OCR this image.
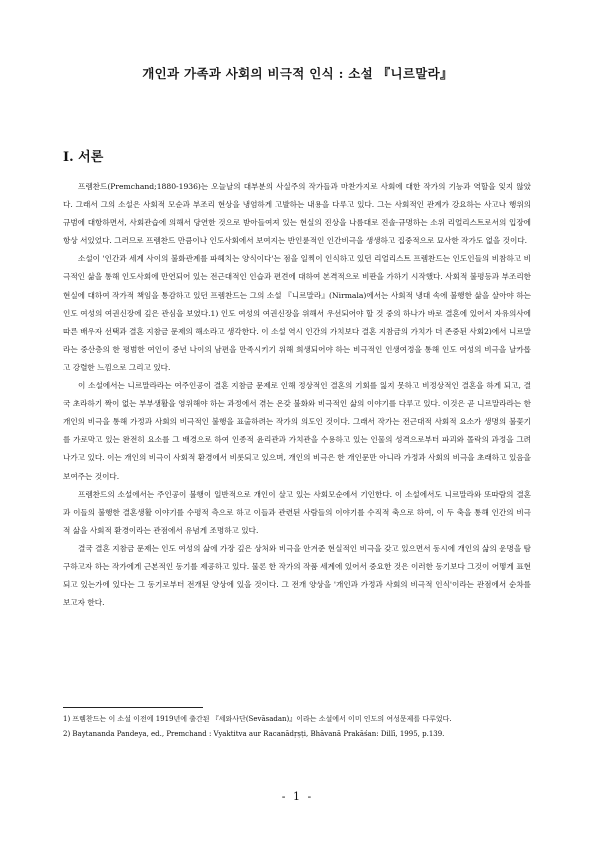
개인과 가족과 사회의 비극적 인식 : 소설 『니르말라』
Ⅰ. 서론

프렘찬드(Premchand;1880-1936)는 오늘날의 대부분의 사실주의 작가들과 마찬가지로 사회에 대한 작가의 기능과 역할을 잊지 않았다. 그래서 그의 소설은 사회적 모순과 부조리 현상을 냉엄하게 고발하는 내용을 다루고 있다. 그는 사회적인 관계가 강요하는 사고나 행위의 규범에 대항하면서, 사회관습에 의해서 당연한 것으로 받아들여져 있는 현실의 진상을 나름대로 진솔·규명하는 소위 리얼리스트로서의 입장에 항상 서있었다. 그러므로 프렘찬드 만큼이나 인도사회에서 보여지는 반인륜적인 인간비극을 생생하고 집중적으로 묘사한 작가도 없을 것이다.

소설이 '인간과 세계 사이의 불화관계를 파헤치는 양식이다'는 점을 일찍이 인식하고 있던 리얼리스트 프렘찬드는 인도인들의 비참하고 비극적인 삶을 통해 인도사회에 만연되어 있는 전근대적인 인습과 편견에 대하여 본격적으로 비판을 가하기 시작했다. 사회적 불평등과 부조리한 현실에 대하여 작가적 책임을 통감하고 있던 프렘찬드는 그의 소설 『니르말라』(Nirmala)에서는 사회적 냉대 속에 불행한 삶을 살아야 하는 인도 여성의 여권신장에 깊은 관심을 보였다.1) 인도 여성의 여권신장을 위해서 우선되어야 할 것 중의 하나가 바로 결혼에 있어서 자유의사에 따른 배우자 선택과 결혼 지참금 문제의 해소라고 생각한다. 이 소설 역시 인간의 가치보다 결혼 지참금의 가치가 더 존중된 사회2)에서 니르말라는 중산층의 한 평범한 여인이 중년 나이의 남편을 만족시키기 위해 희생되어야 하는 비극적인 인생여정을 통해 인도 여성의 비극을 날카롭고 강렬한 느낌으로 그리고 있다.

이 소설에서는 니르말라라는 여주인공이 결혼 지참금 문제로 인해 정상적인 결혼의 기회를 잃지 못하고 비정상적인 결혼을 하게 되고, 결국 초라하기 짝이 없는 부부생활을 영위해야 하는 과정에서 겪는 온갖 불화와 비극적인 삶의 이야기를 다루고 있다. 이것은 곧 니르말라라는 한 개인의 비극을 통해 가정과 사회의 비극적인 불행을 표출하려는 작가의 의도인 것이다. 그래서 작가는 전근대적 사회적 요소가 생명의 불꽃기를 가로막고 있는 완전히 요소를 그 배경으로 하여 인종적 윤리관과 가치관을 수용하고 있는 인물의 성격으로부터 파괴와 몰락의 과정을 그려나가고 있다. 이는 개인의 비극이 사회적 환경에서 비롯되고 있으며, 개인의 비극은 한 개인문만 아니라 가정과 사회의 비극을 초래하고 있음을 보여주는 것이다.

프렘찬드의 소설에서는 주인공이 불행이 일반적으로 개인이 살고 있는 사회모순에서 기인한다. 이 소설에서도 니르말라와 또따람의 결혼과 이들의 불행한 결혼생활 이야기를 수평적 측으로 하고 이들과 관련된 사람들의 이야기를 수직적 축으로 하여, 이 두 축을 통해 인간의 비극적 삶을 사회적 환경이라는 관점에서 유념게 조명하고 있다.

결국 결혼 지참금 문제는 인도 여성의 삶에 가장 깊은 상처와 비극을 안겨준 현실적인 비극을 갖고 있으면서 동시에 개인의 삶의 운명을 탐구하고자 하는 작가에게 근본적인 동기를 제공하고 있다. 물론 한 작가의 작품 세계에 있어서 중요한 것은 이러한 동기보다 그것이 어떻게 표현되고 있는가에 있다는 그 동기로부터 전개된 양상에 있을 것이다. 그 전개 양상을 '개인과 가정과 사회의 비극적 인식'이라는 관점에서 순차를 보고자 한다.

1) 프렘찬드는 이 소설 이전에 1919년에 출간된 『세와사단(Sevāsadan)』이라는 소설에서 이미 인도의 여성문제를 다루었다.

2) Baytananda Pandeya, ed., Premchand : Vyaktitva aur Racanādṛṣṭi, Bhāvanā Prakāśan: Dillī, 1995, p.139.

- 1 -
